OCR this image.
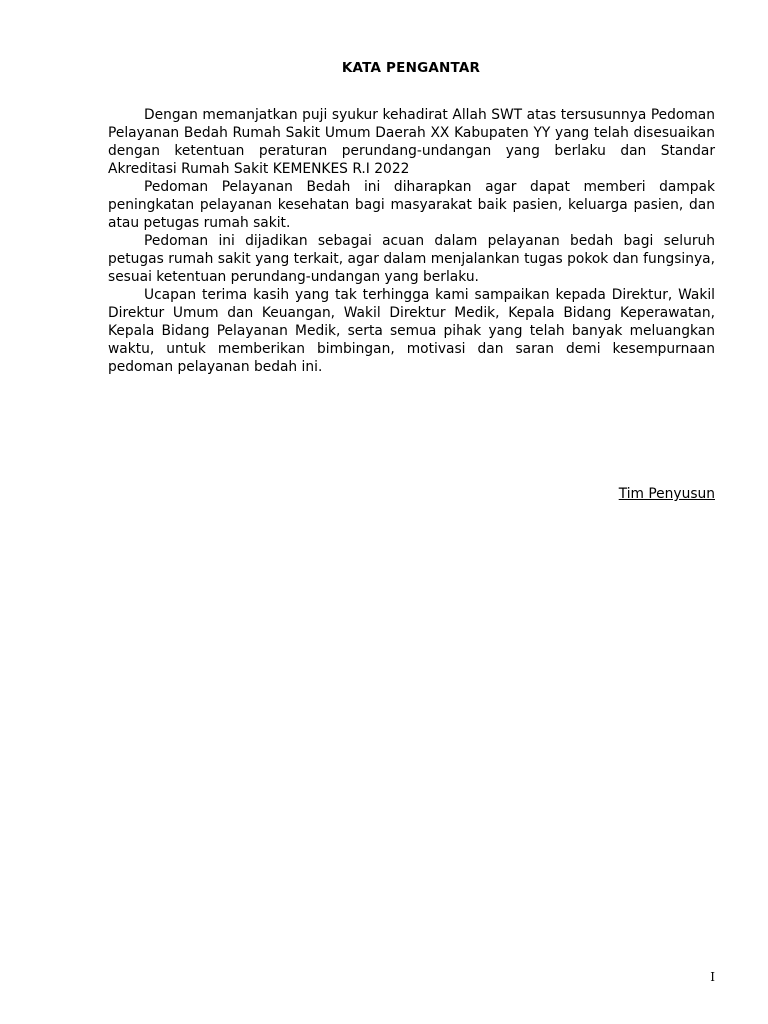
KATA PENGANTAR

Dengan memanjatkan puji syukur kehadirat Allah SWT atas tersusunnya Pedoman Pelayanan Bedah Rumah Sakit Umum Daerah XX Kabupaten YY yang telah disesuaikan dengan ketentuan peraturan perundang-undangan yang berlaku dan Standar Akreditasi Rumah Sakit KEMENKES R.I 2022

Pedoman Pelayanan Bedah ini diharapkan agar dapat memberi dampak peningkatan pelayanan kesehatan bagi masyarakat baik pasien, keluarga pasien, dan atau petugas rumah sakit.

Pedoman ini dijadikan sebagai acuan dalam pelayanan bedah bagi seluruh petugas rumah sakit yang terkait, agar dalam menjalankan tugas pokok dan fungsinya, sesuai ketentuan perundang-undangan yang berlaku.

Ucapan terima kasih yang tak terhingga kami sampaikan kepada Direktur, Wakil Direktur Umum dan Keuangan, Wakil Direktur Medik, Kepala Bidang Keperawatan, Kepala Bidang Pelayanan Medik, serta semua pihak yang telah banyak meluangkan waktu, untuk memberikan bimbingan, motivasi dan saran demi kesempurnaan pedoman pelayanan bedah ini.

Tim Penyusun
I
